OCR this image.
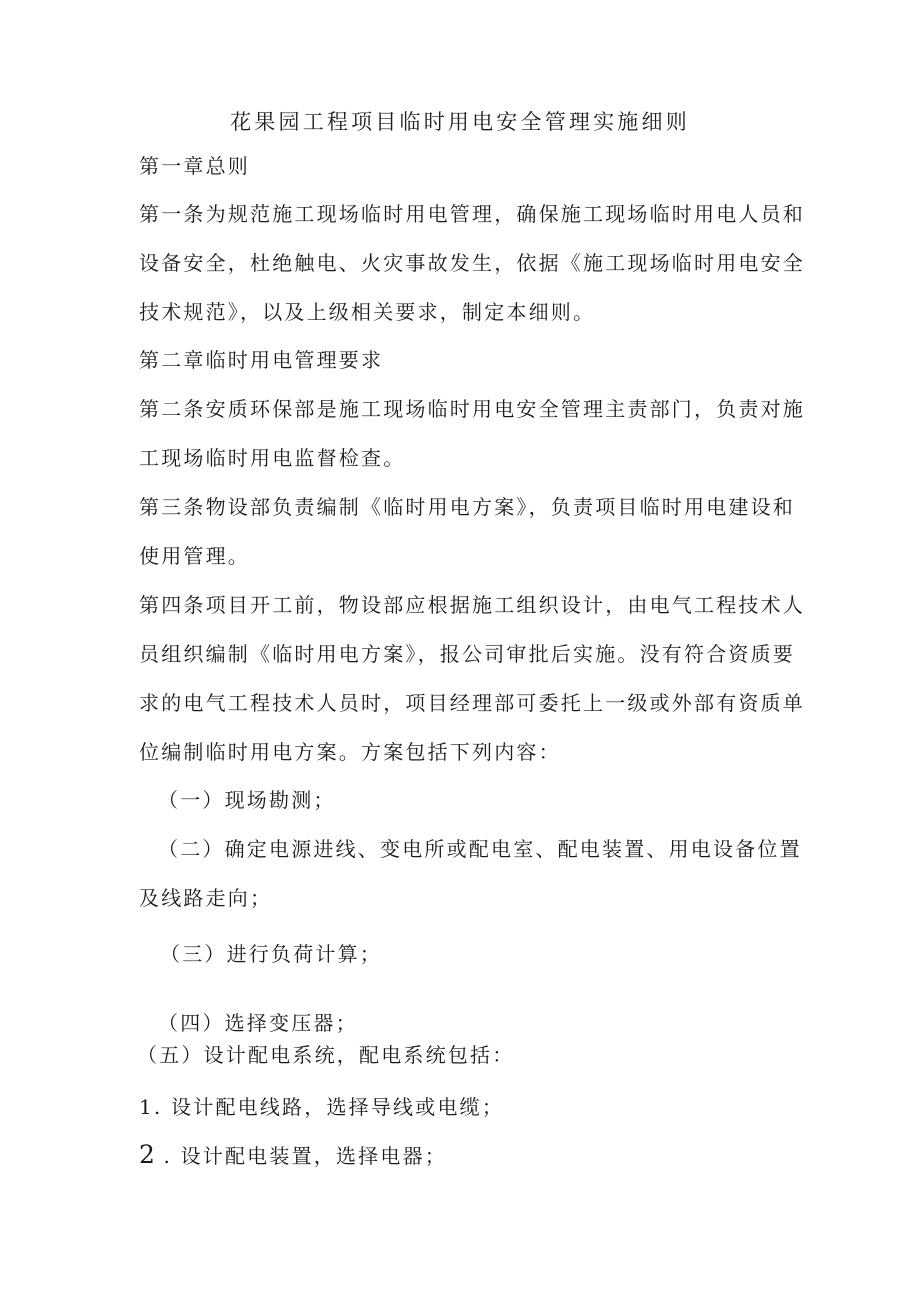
花果园工程项目临时用电安全管理实施细则
第一章总则
第一条为规范施工现场临时用电管理，确保施工现场临时用电人员和
设备安全，杜绝触电、火灾事故发生，依据《施工现场临时用电安全
技术规范》，以及上级相关要求，制定本细则。
第二章临时用电管理要求
第二条安质环保部是施工现场临时用电安全管理主责部门，负责对施
工现场临时用电监督检查。
第三条物设部负责编制《临时用电方案》，负责项目临时用电建设和
使用管理。
第四条项目开工前，物设部应根据施工组织设计，由电气工程技术人
员组织编制《临时用电方案》，报公司审批后实施。没有符合资质要
求的电气工程技术人员时，项目经理部可委托上一级或外部有资质单
位编制临时用电方案。方案包括下列内容：
（一）现场勘测；
（二）确定电源进线、变电所或配电室、配电装置、用电设备位置
及线路走向；
（三）进行负荷计算；
（四）选择变压器；
（五）设计配电系统，配电系统包括：
1. 设计配电线路，选择导线或电缆；
2 . 设计配电装置，选择电器；
